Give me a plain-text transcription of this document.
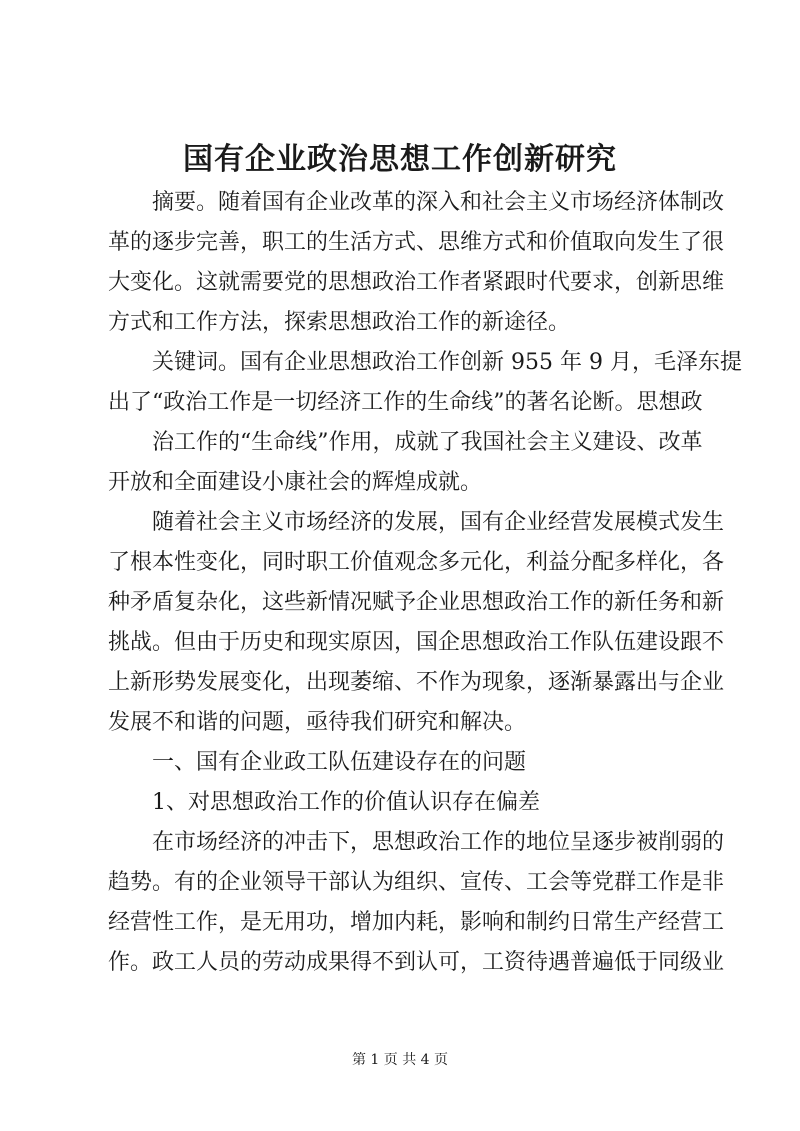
国有企业政治思想工作创新研究
摘要。随着国有企业改革的深入和社会主义市场经济体制改
革的逐步完善，职工的生活方式、思维方式和价值取向发生了很
大变化。这就需要党的思想政治工作者紧跟时代要求，创新思维
方式和工作方法，探索思想政治工作的新途径。
关键词。国有企业思想政治工作创新 955 年 9 月，毛泽东提
出了“政治工作是一切经济工作的生命线”的著名论断。思想政
治工作的“生命线”作用，成就了我国社会主义建设、改革
开放和全面建设小康社会的辉煌成就。
随着社会主义市场经济的发展，国有企业经营发展模式发生
了根本性变化，同时职工价值观念多元化，利益分配多样化，各
种矛盾复杂化，这些新情况赋予企业思想政治工作的新任务和新
挑战。但由于历史和现实原因，国企思想政治工作队伍建设跟不
上新形势发展变化，出现萎缩、不作为现象，逐渐暴露出与企业
发展不和谐的问题，亟待我们研究和解决。
一、国有企业政工队伍建设存在的问题
1、对思想政治工作的价值认识存在偏差
在市场经济的冲击下，思想政治工作的地位呈逐步被削弱的
趋势。有的企业领导干部认为组织、宣传、工会等党群工作是非
经营性工作，是无用功，增加内耗，影响和制约日常生产经营工
作。政工人员的劳动成果得不到认可，工资待遇普遍低于同级业
第 1 页 共 4 页
